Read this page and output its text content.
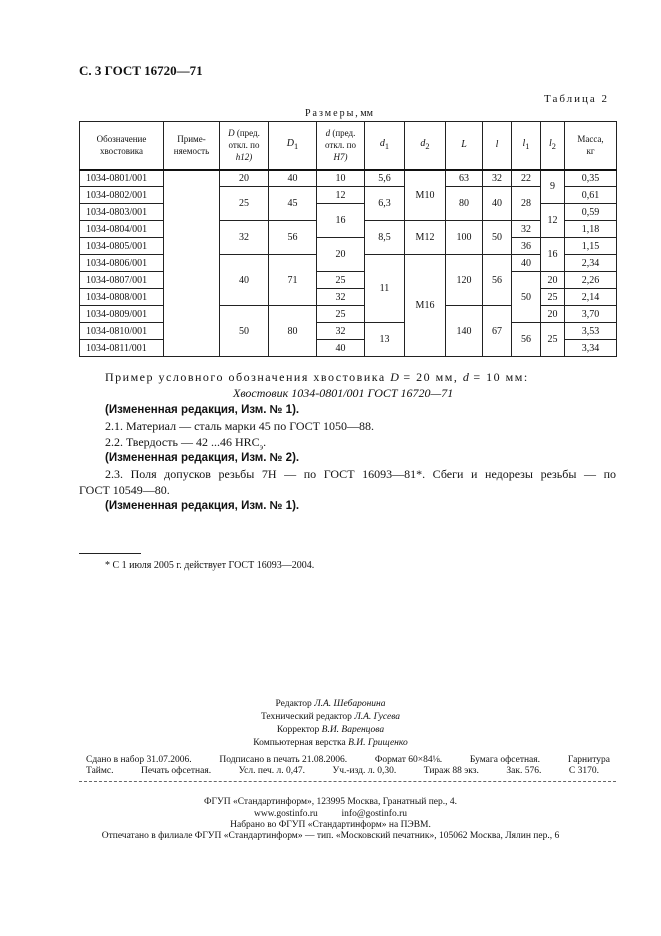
С. 3 ГОСТ 16720—71
Таблица 2
Размеры, мм
Обозначение
хвостовика	Приме-
няемость	D (пред.
откл. по
h12)	$D_1$	d (пред.
откл. по
H7)	$d_1$	$d_2$	L	l	$l_1$	$l_2$	Масса,
кг
1034-0801/001		20	40	10	5,6	M10	63	32	22	9	0,35
1034-0802/001		25	45	12	6,3		80	40	28		0,61
1034-0803/001				16						12	0,59
1034-0804/001		32	56		8,5	M12	100	50	32		1,18
1034-0805/001				20					36	16	1,15
1034-0806/001		40	71		11	M16	120	56	40		2,34
1034-0807/001				25					50	20	2,26
1034-0808/001				32						25	2,14
1034-0809/001		50	80	25			140	67		20	3,70
1034-0810/001				32	13				56	25	3,53
1034-0811/001				40							3,34
Пример условного обозначения хвостовика D = 20 мм, d = 10 мм:
Хвостовик 1034-0801/001 ГОСТ 16720—71
(Измененная редакция, Изм. № 1).
2.1. Материал — сталь марки 45 по ГОСТ 1050—88.
2.2. Твердость — 42 ...46 $HRC_э$.
(Измененная редакция, Изм. № 2).
2.3. Поля допусков резьбы 7H — по ГОСТ 16093—81*. Сбеги и недорезы резьбы — по
ГОСТ 10549—80.
(Измененная редакция, Изм. № 1).
* С 1 июля 2005 г. действует ГОСТ 16093—2004.
Редактор Л.А. Шебаронина
Технический редактор Л.А. Гусева
Корректор В.И. Варенцова
Компьютерная верстка В.И. Грищенко
Сдано в набор 31.07.2006.	Подписано в печать 21.08.2006.	Формат 60×84⅛.	Бумага офсетная.	Гарнитура
Таймс.	Печать офсетная.	Усл. печ. л. 0,47.	Уч.-изд. л. 0,30.	Тираж 88 экз.	Зак. 576.	С 3170.
ФГУП «Стандартинформ», 123995 Москва, Гранатный пер., 4.
www.gostinfo.ru          info@gostinfo.ru
Набрано во ФГУП «Стандартинформ» на ПЭВМ.
Отпечатано в филиале ФГУП «Стандартинформ» — тип. «Московский печатник», 105062 Москва, Лялин пер., 6
